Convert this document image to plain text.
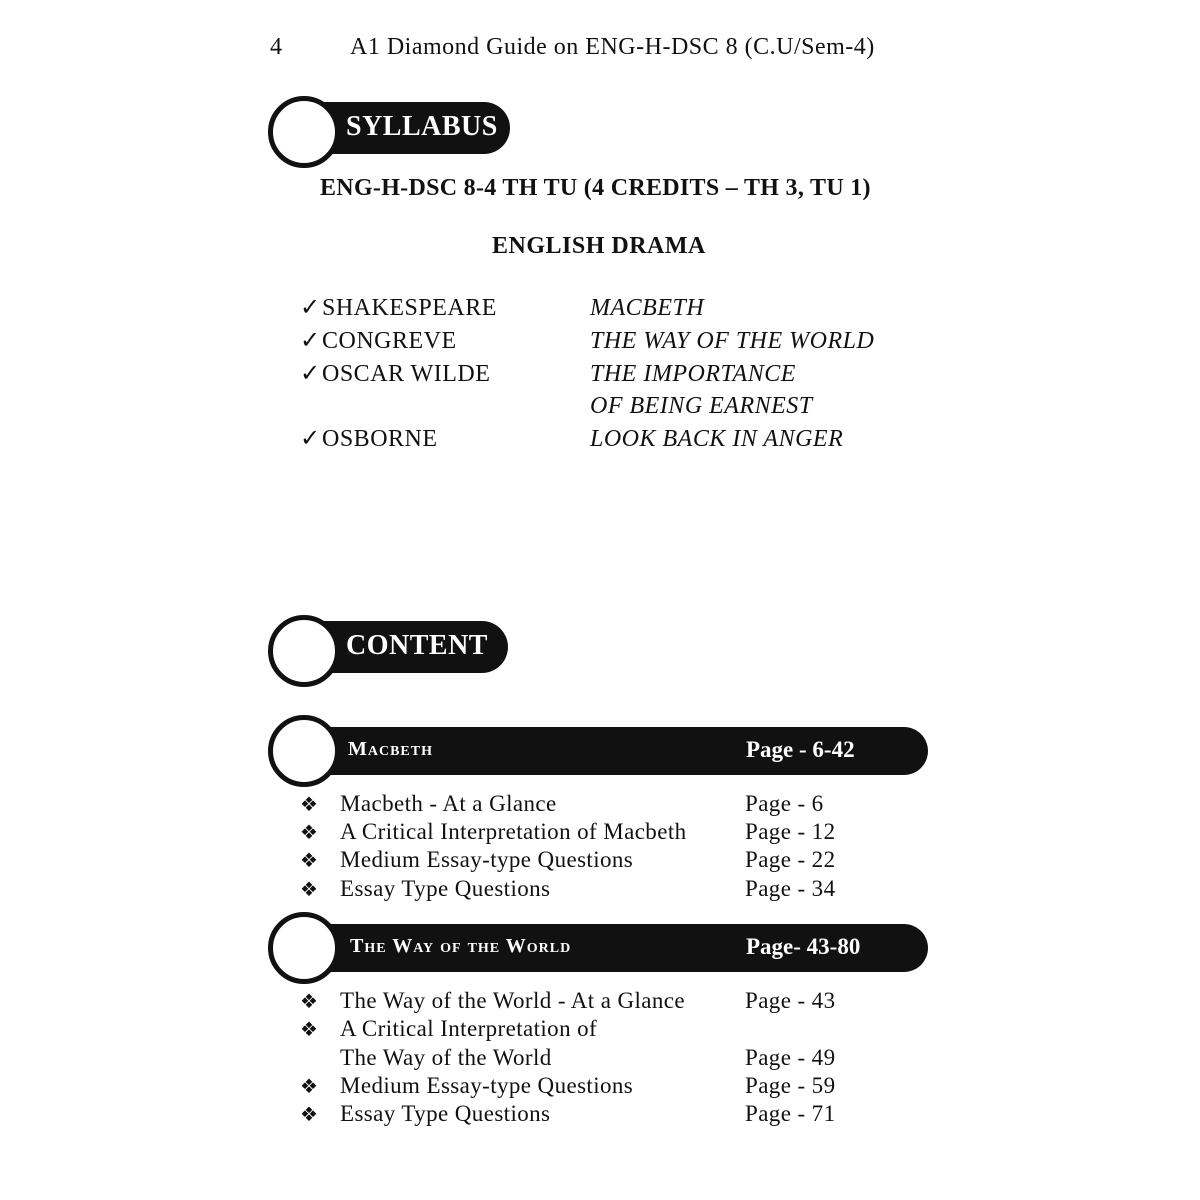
4	A1 Diamond Guide on ENG-H-DSC 8 (C.U/Sem-4)
SYLLABUS
ENG-H-DSC 8-4 TH TU (4 CREDITS – TH 3, TU 1)
ENGLISH DRAMA
✓SHAKESPEARE	MACBETH
✓CONGREVE	THE WAY OF THE WORLD
✓OSCAR WILDE	THE IMPORTANCE
OF BEING EARNEST
✓OSBORNE	LOOK BACK IN ANGER
CONTENT
Macbeth	Page - 6-42
❖ Macbeth - At a Glance	Page - 6
❖ A Critical Interpretation of Macbeth	Page - 12
❖ Medium Essay-type Questions	Page - 22
❖ Essay Type Questions	Page - 34
The Way of the World	Page- 43-80
❖ The Way of the World - At a Glance	Page - 43
❖ A Critical Interpretation of
The Way of the World	Page - 49
❖ Medium Essay-type Questions	Page - 59
❖ Essay Type Questions	Page - 71
